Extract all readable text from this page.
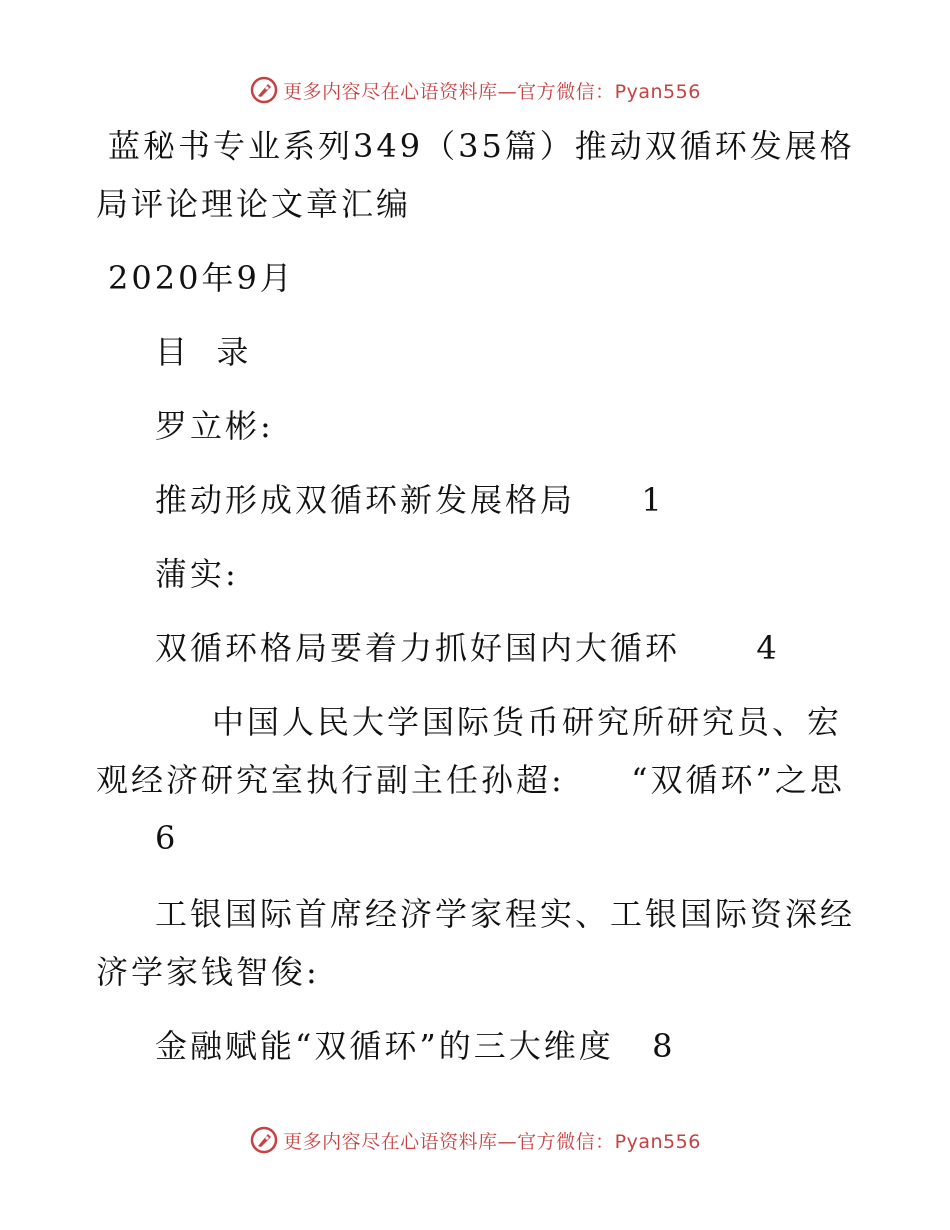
更多内容尽在心语资料库—官方微信：Pyan556
蓝秘书专业系列349（35篇）推动双循环发展格
局评论理论文章汇编
2020年9月
目  录
罗立彬:
推动形成双循环新发展格局 1
蒲实:
双循环格局要着力抓好国内大循环 4
中国人民大学国际货币研究所研究员、宏
观经济研究室执行副主任孙超: “双循环”之思
6
工银国际首席经济学家程实、工银国际资深经
济学家钱智俊:
金融赋能“双循环”的三大维度 8
更多内容尽在心语资料库—官方微信：Pyan556
